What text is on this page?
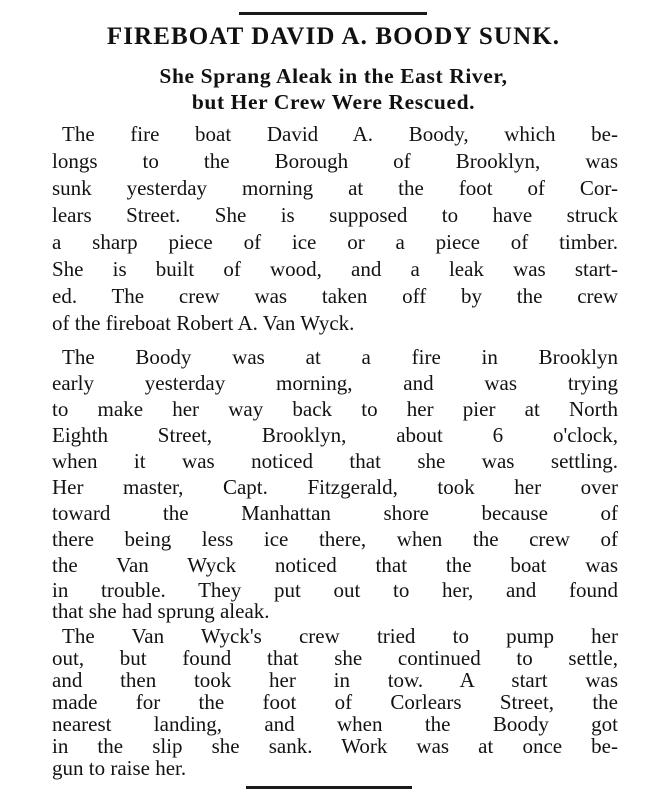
FIREBOAT DAVID A. BOODY SUNK.
She Sprang Aleak in the East River,
but Her Crew Were Rescued.
The fire boat David A. Boody, which be-
longs to the Borough of Brooklyn, was
sunk yesterday morning at the foot of Cor-
lears Street. She is supposed to have struck
a sharp piece of ice or a piece of timber.
She is built of wood, and a leak was start-
ed. The crew was taken off by the crew
of the fireboat Robert A. Van Wyck.
The Boody was at a fire in Brooklyn
early yesterday morning, and was trying
to make her way back to her pier at North
Eighth Street, Brooklyn, about 6 o'clock,
when it was noticed that she was settling.
Her master, Capt. Fitzgerald, took her over
toward the Manhattan shore because of
there being less ice there, when the crew of
the Van Wyck noticed that the boat was
in trouble. They put out to her, and found
that she had sprung aleak.
The Van Wyck's crew tried to pump her
out, but found that she continued to settle,
and then took her in tow. A start was
made for the foot of Corlears Street, the
nearest landing, and when the Boody got
in the slip she sank. Work was at once be-
gun to raise her.
